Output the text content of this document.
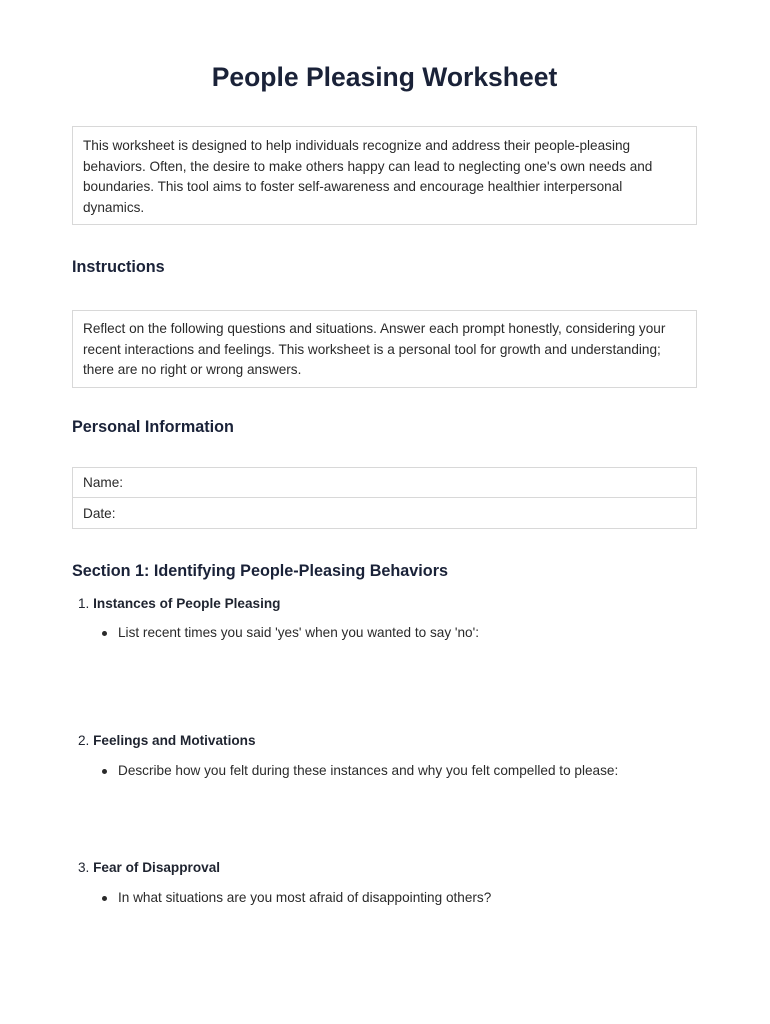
People Pleasing Worksheet
This worksheet is designed to help individuals recognize and address their people-pleasing behaviors. Often, the desire to make others happy can lead to neglecting one's own needs and boundaries. This tool aims to foster self-awareness and encourage healthier interpersonal dynamics.
Instructions
Reflect on the following questions and situations. Answer each prompt honestly, considering your recent interactions and feelings. This worksheet is a personal tool for growth and understanding; there are no right or wrong answers.
Personal Information
Name:
Date:
Section 1: Identifying People-Pleasing Behaviors
1. Instances of People Pleasing
List recent times you said 'yes' when you wanted to say 'no':
2. Feelings and Motivations
Describe how you felt during these instances and why you felt compelled to please:
3. Fear of Disapproval
In what situations are you most afraid of disappointing others?
